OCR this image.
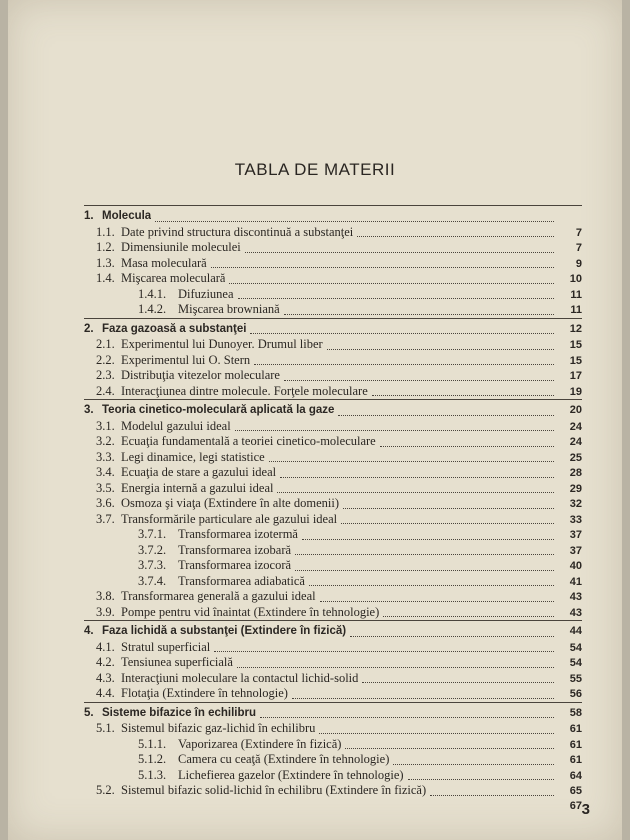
TABLA DE MATERII
1. Molecula
1.1. Date privind structura discontinuă a substanţei	7
1.2. Dimensiunile moleculei	7
1.3. Masa moleculară	9
1.4. Mişcarea moleculară	10
1.4.1. Difuziunea	11
1.4.2. Mişcarea browniană	11
2. Faza gazoasă a substanţei	12
2.1. Experimentul lui Dunoyer. Drumul liber	15
2.2. Experimentul lui O. Stern	15
2.3. Distribuţia vitezelor moleculare	17
2.4. Interacţiunea dintre molecule. Forţele moleculare	19
3. Teoria cinetico-moleculară aplicată la gaze	20
3.1. Modelul gazului ideal	24
3.2. Ecuaţia fundamentală a teoriei cinetico-moleculare	24
3.3. Legi dinamice, legi statistice	25
3.4. Ecuaţia de stare a gazului ideal	28
3.5. Energia internă a gazului ideal	29
3.6. Osmoza şi viaţa (Extindere în alte domenii)	32
3.7. Transformările particulare ale gazului ideal	33
3.7.1. Transformarea izotermă	37
3.7.2. Transformarea izobară	37
3.7.3. Transformarea izocoră	40
3.7.4. Transformarea adiabatică	41
3.8. Transformarea generală a gazului ideal	43
3.9. Pompe pentru vid înaintat (Extindere în tehnologie)	43
4. Faza lichidă a substanţei (Extindere în fizică)	44
4.1. Stratul superficial	54
4.2. Tensiunea superficială	54
4.3. Interacţiuni moleculare la contactul lichid-solid	55
4.4. Flotaţia (Extindere în tehnologie)	56
5. Sisteme bifazice în echilibru	58
5.1. Sistemul bifazic gaz-lichid în echilibru	61
5.1.1. Vaporizarea (Extindere în fizică)	61
5.1.2. Camera cu ceaţă (Extindere în tehnologie)	61
5.1.3. Lichefierea gazelor (Extindere în tehnologie)	64
5.2. Sistemul bifazic solid-lichid în echilibru (Extindere în fizică)	65
67 3
